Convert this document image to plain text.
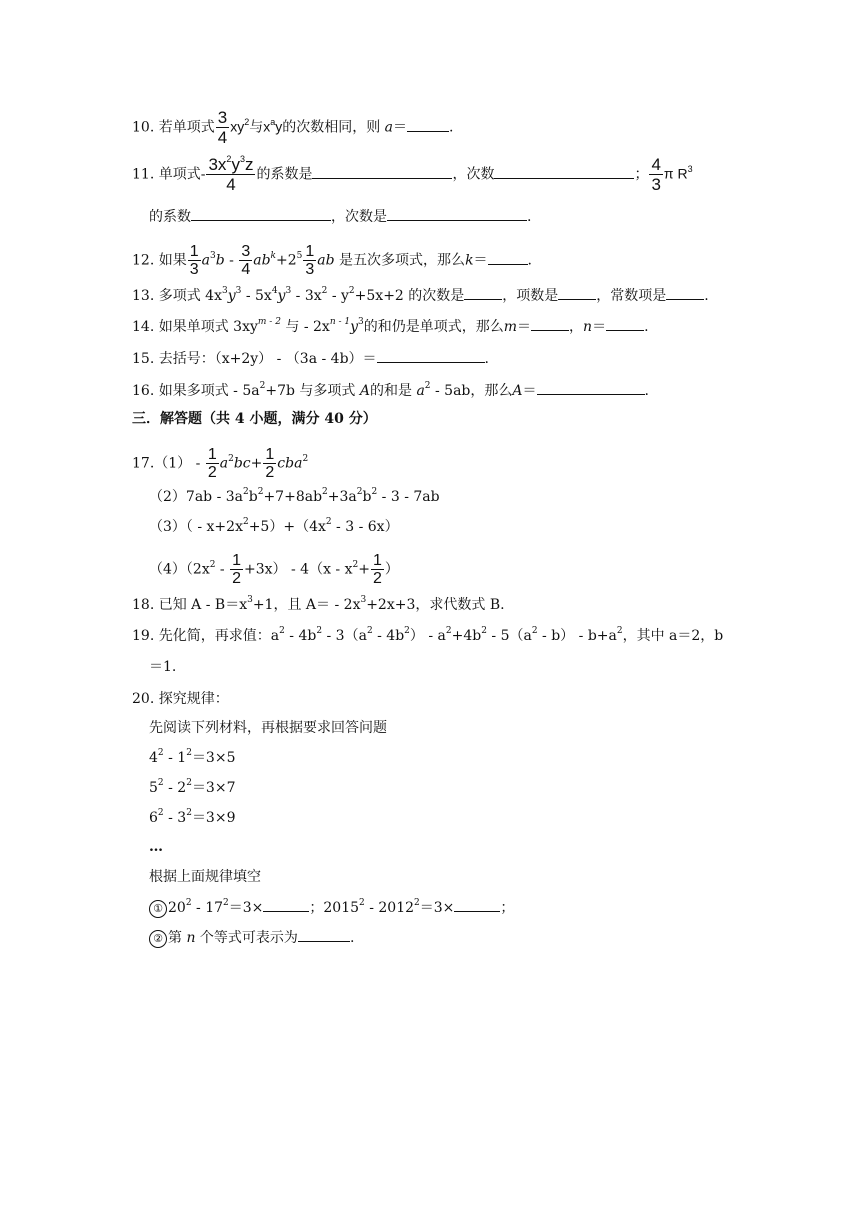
10. 若单项式 $\frac{3}{4} xy^2$与$x^ay$的次数相同，则 a＝	.
11. 单项式- $\frac{3x^2y^3z}{4}$ 的系数是	，次数	； $\frac{4}{3}$ π $R^3$
的系数	，次数是	.
12. 如果 $\frac{1}{3} a^3b - \frac{3}{4} ab^k+2^5 \frac{1}{3}$ ab 是五次多项式，那么k＝	.
13. 多项式 $4x^3y^3 - 5x^4y^3 - 3x^2 - y^2+5x+2$ 的次数是	，项数是	，常数项是	.
14. 如果单项式 $3xy^{m - 2}$ 与 - $2x^{n - 1}y^3$的和仍是单项式，那么m＝	，n＝	.
15. 去括号：（x+2y） - （3a - 4b）＝	.
16. 如果多项式 - $5a^2+7b$ 与多项式 A的和是 $a^2 - 5ab$，那么A＝	.
三．解答题（共 4 小题，满分 40 分）
$17.(1) - \frac{1}{2} a^2bc+ \frac{1}{2} cba^2$
$(2)7ab - 3a^2b^2+7+8ab^2+3a^2b^2 - 3 - 7ab$
$(3)( - x+2x^2+5)+(4x^2 - 3 - 6x)$
$(4)(2x^2 - \frac{1}{2} +3x) - 4(x - x^2+ \frac{1}{2}$ ）
18. 已知 $A - B=x^3+1$，且 $A= - 2x^3+2x+3$，求代数式 B.
19. 先化简，再求值：$a^2 - 4b^2 - 3(a^2 - 4b^2) - a^2+4b^2 - 5(a^2 - b) - b+a^2$，其中 a＝2，b
＝1.
20. 探究规律：
先阅读下列材料，再根据要求回答问题
$4^2 - 1^2=3\times 5$
$5^2 - 2^2=3\times 7$
$6^2 - 3^2=3\times 9$
…
根据上面规律填空
① $20^2 - 17^2=3\times$	；$2015^2 - 2012^2=3\times$	；
② 第 n 个等式可表示为	.
